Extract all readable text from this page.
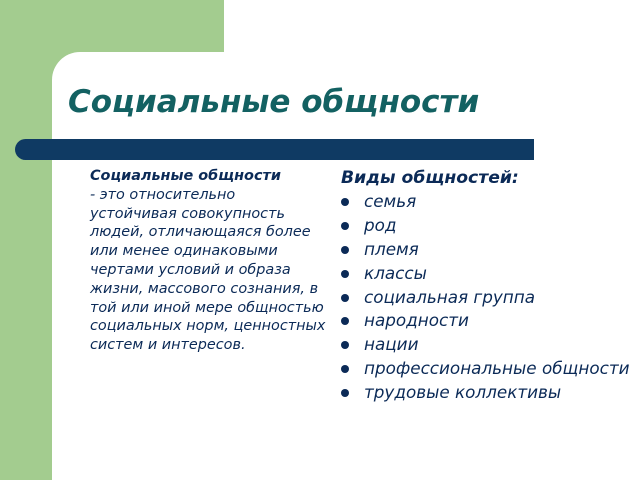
Социальные общности
Социальные общности
- это относительно устойчивая совокупность людей, отличающаяся более или менее одинаковыми чертами условий и образа жизни, массового сознания, в той или иной мере общностью социальных норм, ценностных систем и интересов.
Виды общностей:
семья
род
племя
классы
социальная группа
народности
нации
профессиональные общности
трудовые коллективы
